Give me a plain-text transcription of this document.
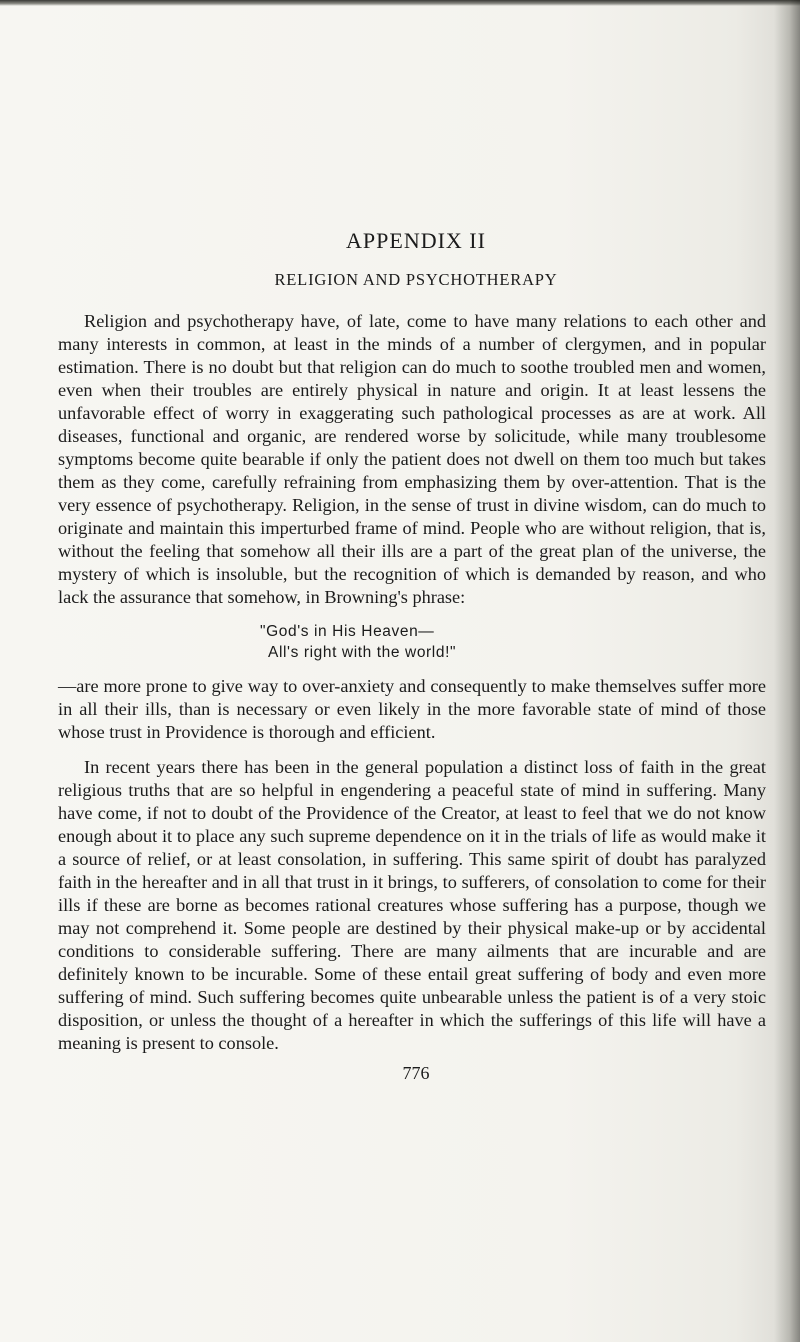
APPENDIX II
RELIGION AND PSYCHOTHERAPY

Religion and psychotherapy have, of late, come to have many relations to each other and many interests in common, at least in the minds of a number of clergymen, and in popular estimation. There is no doubt but that religion can do much to soothe troubled men and women, even when their troubles are entirely physical in nature and origin. It at least lessens the unfavorable effect of worry in exaggerating such pathological processes as are at work. All diseases, functional and organic, are rendered worse by solicitude, while many troublesome symptoms become quite bearable if only the patient does not dwell on them too much but takes them as they come, carefully refraining from emphasizing them by over-attention. That is the very essence of psychotherapy. Religion, in the sense of trust in divine wisdom, can do much to originate and maintain this imperturbed frame of mind. People who are without religion, that is, without the feeling that somehow all their ills are a part of the great plan of the universe, the mystery of which is insoluble, but the recognition of which is demanded by reason, and who lack the assurance that somehow, in Browning's phrase:

"God's in His Heaven—
All's right with the world!"

—are more prone to give way to over-anxiety and consequently to make themselves suffer more in all their ills, than is necessary or even likely in the more favorable state of mind of those whose trust in Providence is thorough and efficient.

In recent years there has been in the general population a distinct loss of faith in the great religious truths that are so helpful in engendering a peaceful state of mind in suffering. Many have come, if not to doubt of the Providence of the Creator, at least to feel that we do not know enough about it to place any such supreme dependence on it in the trials of life as would make it a source of relief, or at least consolation, in suffering. This same spirit of doubt has paralyzed faith in the hereafter and in all that trust in it brings, to sufferers, of consolation to come for their ills if these are borne as becomes rational creatures whose suffering has a purpose, though we may not comprehend it. Some people are destined by their physical make-up or by accidental conditions to considerable suffering. There are many ailments that are incurable and are definitely known to be incurable. Some of these entail great suffering of body and even more suffering of mind. Such suffering becomes quite unbearable unless the patient is of a very stoic disposition, or unless the thought of a hereafter in which the sufferings of this life will have a meaning is present to console.

776
